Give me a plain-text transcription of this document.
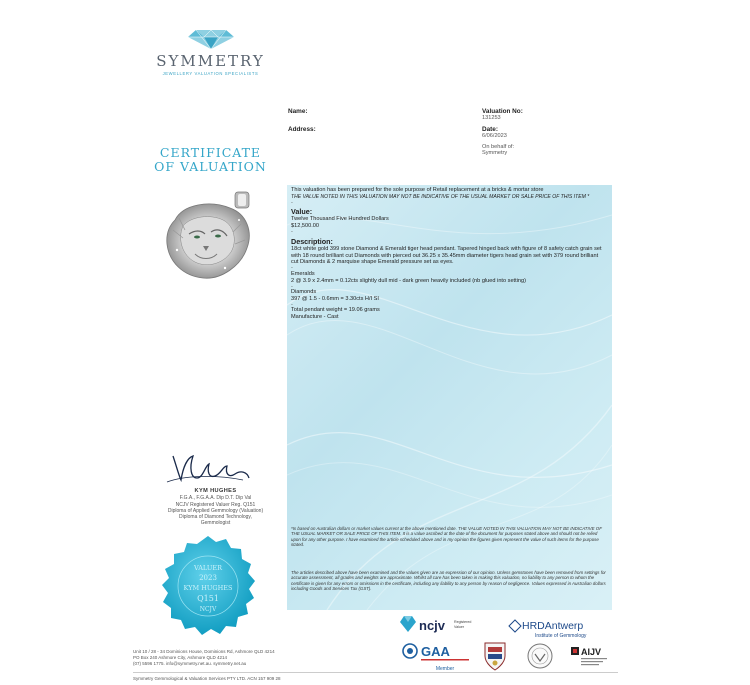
SYMMETRY
JEWELLERY VALUATION SPECIALISTS
CERTIFICATE
OF VALUATION
KYM HUGHES
F.G.A., F.G.A.A. Dip D.T. Dip Val
NCJV Registered Valuer Reg. Q151
Diploma of Applied Gemmology (Valuation)
Diploma of Diamond Technology,
Gemmologist
VALUER
2023
KYM HUGHES
Q151
NCJV
Name:
Address:
Valuation No:
131253
Date:
6/06/2023
On behalf of:
Symmetry
This valuation has been prepared for the sole purpose of Retail replacement at a bricks & mortar store
THE VALUE NOTED IN THIS VALUATION MAY NOT BE INDICATIVE OF THE USUAL MARKET OR SALE PRICE OF THIS ITEM *
-
Value:
Twelve Thousand Five Hundred Dollars
$12,500.00
-
Description:
18ct white gold 399 stone Diamond & Emerald tiger head pendant. Tapered hinged back with figure of 8 safety catch grain set with 18 round brilliant cut Diamonds with pierced out 36.25 x 35.45mm diameter tigers head grain set with 379 round brilliant cut Diamonds & 2 marquise shape Emerald pressure set as eyes.
-
Emeralds
2 @ 3.9 x 2.4mm = 0.12cts slightly dull mid - dark green heavily included (nb glued into setting)
-
Diamonds
397 @ 1.5 - 0.6mm = 3.30cts H/I SI
-
Total pendant weight = 19.06 grams
Manufacture - Cast
*Is based on Australian dollars or market values current at the above mentioned date. THE VALUE NOTED IN THIS VALUATION MAY NOT BE INDICATIVE OF THE USUAL MARKET OR SALE PRICE OF THIS ITEM. It is a value ascribed at the date of the document for purposes stated above and should not be relied upon for any other purpose. I have examined the article scheduled above and in my opinion the figures given represent the value of such items for the purpose stated.
The articles described above have been examined and the values given are an expression of our opinion. Unless gemstones have been removed from settings for accurate assessment, all grades and weights are approximate. Whilst all care has been taken in making this valuation, no liability to any person to whom the certificate is given for any errors or omissions in the certificate, including any liability to any person by reason of negligence. Values expressed in Australian dollars including Goods and Services Tax (GST).
ncjv Registered
Valuer	HRDAntwerp
Institute of Gemmology
GAA
Member
AIJV
Unit 10 / 28 - 34 Dominions House, Dominions Rd, Ashmore QLD 4214
PO Box 240 Ashmore City, Ashmore QLD 4214
(07) 5596 1775. info@symmetry.net.au. symmetry.net.au
Symmetry Gemmological & Valuation Services PTY LTD. ACN 157 909 28
